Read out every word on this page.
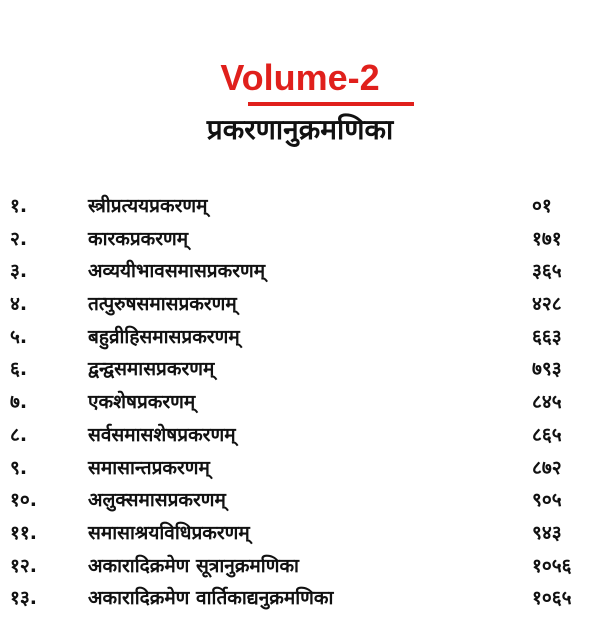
Volume-2
प्रकरणानुक्रमणिका
१.	स्त्रीप्रत्ययप्रकरणम्	०१
२.	कारकप्रकरणम्	१७१
३.	अव्ययीभावसमासप्रकरणम्	३६५
४.	तत्पुरुषसमासप्रकरणम्	४२८
५.	बहुव्रीहिसमासप्रकरणम्	६६३
६.	द्वन्द्वसमासप्रकरणम्	७९३
७.	एकशेषप्रकरणम्	८४५
८.	सर्वसमासशेषप्रकरणम्	८६५
९.	समासान्तप्रकरणम्	८७२
१०.	अलुक्समासप्रकरणम्	९०५
११.	समासाश्रयविधिप्रकरणम्	९४३
१२.	अकारादिक्रमेण सूत्रानुक्रमणिका	१०५६
१३.	अकारादिक्रमेण वार्तिकाद्यनुक्रमणिका	१०६५
